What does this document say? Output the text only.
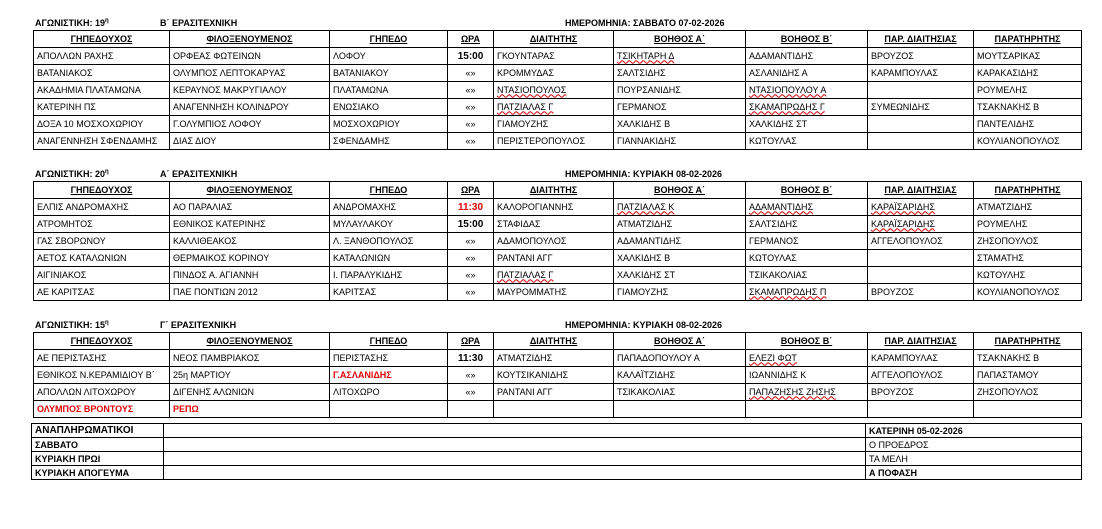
ΑΓΩΝΙΣΤΙΚΗ: $19^\eta$	Β΄ ΕΡΑΣΙΤΕΧΝΙΚΗ	ΗΜΕΡΟΜΗΝΙΑ: ΣΑΒΒΑΤΟ 07-02-2026
ΓΗΠΕΔΟΥΧΟΣ	ΦΙΛΟΞΕΝΟΥΜΕΝΟΣ	ΓΗΠΕΔΟ	ΩΡΑ	ΔΙΑΙΤΗΤΗΣ	ΒΟΗΘΟΣ Α΄	ΒΟΗΘΟΣ Β΄	ΠΑΡ. ΔΙΑΙΤΗΣΙΑΣ	ΠΑΡΑΤΗΡΗΤΗΣ
ΑΠΟΛΛΩΝ ΡΑΧΗΣ	ΟΡΦΕΑΣ ΦΩΤΕΙΝΩΝ	ΛΟΦΟΥ	15:00	ΓΚΟΥΝΤΑΡΑΣ	ΤΣΙΚΗΤΑΡΗ Δ	ΑΔΑΜΑΝΤΙΔΗΣ	ΒΡΟΥΖΟΣ	ΜΟΥΤΣΑΡΙΚΑΣ
ΒΑΤΑΝΙΑΚΟΣ	ΟΛΥΜΠΟΣ ΛΕΠΤΟΚΑΡΥΑΣ	ΒΑΤΑΝΙΑΚΟΥ	«»	ΚΡΟΜΜΥΔΑΣ	ΣΑΛΤΣΙΔΗΣ	ΑΣΛΑΝΙΔΗΣ Α	ΚΑΡΑΜΠΟΥΛΑΣ	ΚΑΡΑΚΑΣΙΔΗΣ
ΑΚΑΔΗΜΙΑ ΠΛΑΤΑΜΩΝΑ	ΚΕΡΑΥΝΟΣ ΜΑΚΡΥΓΙΑΛΟΥ	ΠΛΑΤΑΜΩΝΑ	«»	ΝΤΑΣΙΟΠΟΥΛΟΣ	ΠΟΥΡΣΑΝΙΔΗΣ	ΝΤΑΣΙΟΠΟΥΛΟΥ Α		ΡΟΥΜΕΛΗΣ
ΚΑΤΕΡΙΝΗ ΠΣ	ΑΝΑΓΕΝΝΗΣΗ ΚΟΛΙΝΔΡΟΥ	ΕΝΩΣΙΑΚΟ	«»	ΠΑΤΖΙΑΛΑΣ Γ	ΓΕΡΜΑΝΟΣ	ΣΚΑΜΑΠΡΩΔΗΣ Γ	ΣΥΜΕΩΝΙΔΗΣ	ΤΣΑΚΝΑΚΗΣ Β
ΔΟΞΑ 10 ΜΟΣΧΟΧΩΡΙΟΥ	Γ.ΟΛΥΜΠΙΟΣ ΛΟΦΟΥ	ΜΟΣΧΟΧΩΡΙΟΥ	«»	ΓΙΑΜΟΥΖΗΣ	ΧΑΛΚΙΔΗΣ Β	ΧΑΛΚΙΔΗΣ ΣΤ		ΠΑΝΤΕΛΙΔΗΣ
ΑΝΑΓΕΝΝΗΣΗ ΣΦΕΝΔΑΜΗΣ	ΔΙΑΣ ΔΙΟΥ	ΣΦΕΝΔΑΜΗΣ	«»	ΠΕΡΙΣΤΕΡΟΠΟΥΛΟΣ	ΓΙΑΝΝΑΚΙΔΗΣ	ΚΩΤΟΥΛΑΣ		ΚΟΥΛΙΑΝΟΠΟΥΛΟΣ
ΑΓΩΝΙΣΤΙΚΗ: $20^\eta$	Α΄ ΕΡΑΣΙΤΕΧΝΙΚΗ	ΗΜΕΡΟΜΗΝΙΑ: ΚΥΡΙΑΚΗ 08-02-2026
ΓΗΠΕΔΟΥΧΟΣ	ΦΙΛΟΞΕΝΟΥΜΕΝΟΣ	ΓΗΠΕΔΟ	ΩΡΑ	ΔΙΑΙΤΗΤΗΣ	ΒΟΗΘΟΣ Α΄	ΒΟΗΘΟΣ Β΄	ΠΑΡ. ΔΙΑΙΤΗΣΙΑΣ	ΠΑΡΑΤΗΡΗΤΗΣ
ΕΛΠΙΣ ΑΝΔΡΟΜΑΧΗΣ	ΑΟ ΠΑΡΑΛΙΑΣ	ΑΝΔΡΟΜΑΧΗΣ	11:30	ΚΑΛΟΡΟΓΙΑΝΝΗΣ	ΠΑΤΖΙΑΛΑΣ Κ	ΑΔΑΜΑΝΤΙΔΗΣ	ΚΑΡΑΪΣΑΡΙΔΗΣ	ΑΤΜΑΤΖΙΔΗΣ
ΑΤΡΟΜΗΤΟΣ	ΕΘΝΙΚΟΣ ΚΑΤΕΡΙΝΗΣ	ΜΥΛΑΥΛΑΚΟΥ	15:00	ΣΤΑΦΙΔΑΣ	ΑΤΜΑΤΖΙΔΗΣ	ΣΑΛΤΣΙΔΗΣ	ΚΑΡΑΪΣΑΡΙΔΗΣ	ΡΟΥΜΕΛΗΣ
ΓΑΣ ΣΒΟΡΩΝΟΥ	ΚΑΛΛΙΘΕΑΚΟΣ	Λ. ΞΑΝΘΟΠΟΥΛΟΣ	«»	ΑΔΑΜΟΠΟΥΛΟΣ	ΑΔΑΜΑΝΤΙΔΗΣ	ΓΕΡΜΑΝΟΣ	ΑΓΓΕΛΟΠΟΥΛΟΣ	ΖΗΣΟΠΟΥΛΟΣ
ΑΕΤΟΣ ΚΑΤΑΛΩΝΙΩΝ	ΘΕΡΜΑΙΚΟΣ ΚΟΡΙΝΟΥ	ΚΑΤΑΛΩΝΙΩΝ	«»	ΡΑΝΤΑΝΙ ΑΓΓ	ΧΑΛΚΙΔΗΣ Β	ΚΩΤΟΥΛΑΣ		ΣΤΑΜΑΤΗΣ
ΑΙΓΙΝΙΑΚΟΣ	ΠΙΝΔΟΣ Α. ΑΓΙΑΝΝΗ	Ι. ΠΑΡΑΛΥΚΙΔΗΣ	«»	ΠΑΤΖΙΑΛΑΣ Γ	ΧΑΛΚΙΔΗΣ ΣΤ	ΤΣΙΚΑΚΟΛΙΑΣ		ΚΩΤΟΥΛΗΣ
ΑΕ ΚΑΡΙΤΣΑΣ	ΠΑΕ ΠΟΝΤΙΩΝ 2012	ΚΑΡΙΤΣΑΣ	«»	ΜΑΥΡΟΜΜΑΤΗΣ	ΓΙΑΜΟΥΖΗΣ	ΣΚΑΜΑΠΡΩΔΗΣ Π	ΒΡΟΥΖΟΣ	ΚΟΥΛΙΑΝΟΠΟΥΛΟΣ
ΑΓΩΝΙΣΤΙΚΗ: $15^\eta$	Γ΄ ΕΡΑΣΙΤΕΧΝΙΚΗ	ΗΜΕΡΟΜΗΝΙΑ: ΚΥΡΙΑΚΗ 08-02-2026
ΓΗΠΕΔΟΥΧΟΣ	ΦΙΛΟΞΕΝΟΥΜΕΝΟΣ	ΓΗΠΕΔΟ	ΩΡΑ	ΔΙΑΙΤΗΤΗΣ	ΒΟΗΘΟΣ Α΄	ΒΟΗΘΟΣ Β΄	ΠΑΡ. ΔΙΑΙΤΗΣΙΑΣ	ΠΑΡΑΤΗΡΗΤΗΣ
ΑΕ ΠΕΡΙΣΤΑΣΗΣ	ΝΕΟΣ ΠΑΜΒΡΙΑΚΟΣ	ΠΕΡΙΣΤΑΣΗΣ	11:30	ΑΤΜΑΤΖΙΔΗΣ	ΠΑΠΑΔΟΠΟΥΛΟΥ Α	ΕΛΕΖΙ ΦΩΤ	ΚΑΡΑΜΠΟΥΛΑΣ	ΤΣΑΚΝΑΚΗΣ Β
ΕΘΝΙΚΟΣ Ν.ΚΕΡΑΜΙΔΙΟΥ Β΄	25η ΜΑΡΤΙΟΥ	Γ.ΑΣΛΑΝΙΔΗΣ	«»	ΚΟΥΤΣΙΚΑΝΙΔΗΣ	ΚΑΛΑΪΤΖΙΔΗΣ	ΙΩΑΝΝΙΔΗΣ Κ	ΑΓΓΕΛΟΠΟΥΛΟΣ	ΠΑΠΑΣΤΑΜΟΥ
ΑΠΟΛΛΩΝ ΛΙΤΟΧΩΡΟΥ	ΔΙΓΕΝΗΣ ΑΛΩΝΙΩΝ	ΛΙΤΟΧΩΡΟ	«»	ΡΑΝΤΑΝΙ ΑΓΓ	ΤΣΙΚΑΚΟΛΙΑΣ	ΠΑΠΑΖΗΣΗΣ ΖΗΣΗΣ	ΒΡΟΥΖΟΣ	ΖΗΣΟΠΟΥΛΟΣ
ΟΛΥΜΠΟΣ ΒΡΟΝΤΟΥΣ	ΡΕΠΩ							
ΑΝΑΠΛΗΡΩΜΑΤΙΚΟΙ		ΚΑΤΕΡΙΝΗ 05-02-2026
ΣΑΒΒΑΤΟ		Ο ΠΡΟΕΔΡΟΣ
ΚΥΡΙΑΚΗ ΠΡΩΙ		ΤΑ ΜΕΛΗ
ΚΥΡΙΑΚΗ ΑΠΟΓΕΥΜΑ		Α ΠΟΦΑΣΗ
